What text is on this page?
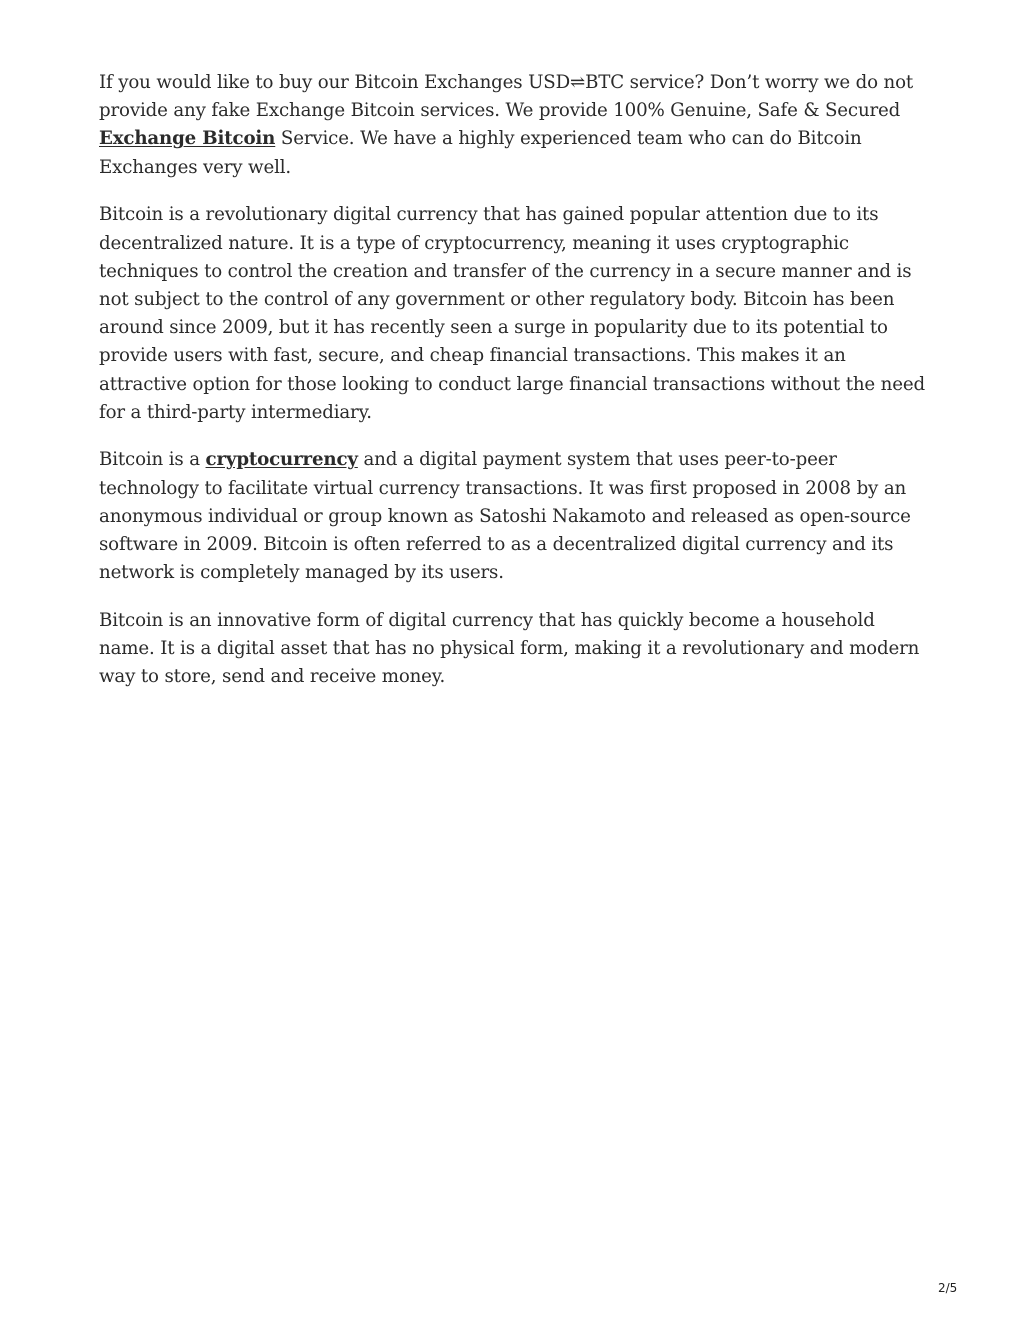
If you would like to buy our Bitcoin Exchanges USD⇌BTC service? Don’t worry we do not provide any fake Exchange Bitcoin services. We provide 100% Genuine, Safe & Secured Exchange Bitcoin Service. We have a highly experienced team who can do Bitcoin Exchanges very well.

Bitcoin is a revolutionary digital currency that has gained popular attention due to its decentralized nature. It is a type of cryptocurrency, meaning it uses cryptographic techniques to control the creation and transfer of the currency in a secure manner and is not subject to the control of any government or other regulatory body. Bitcoin has been around since 2009, but it has recently seen a surge in popularity due to its potential to provide users with fast, secure, and cheap financial transactions. This makes it an attractive option for those looking to conduct large financial transactions without the need for a third-party intermediary.

Bitcoin is a cryptocurrency and a digital payment system that uses peer-to-peer technology to facilitate virtual currency transactions. It was first proposed in 2008 by an anonymous individual or group known as Satoshi Nakamoto and released as open-source software in 2009. Bitcoin is often referred to as a decentralized digital currency and its network is completely managed by its users.

Bitcoin is an innovative form of digital currency that has quickly become a household name. It is a digital asset that has no physical form, making it a revolutionary and modern way to store, send and receive money.

2/5
